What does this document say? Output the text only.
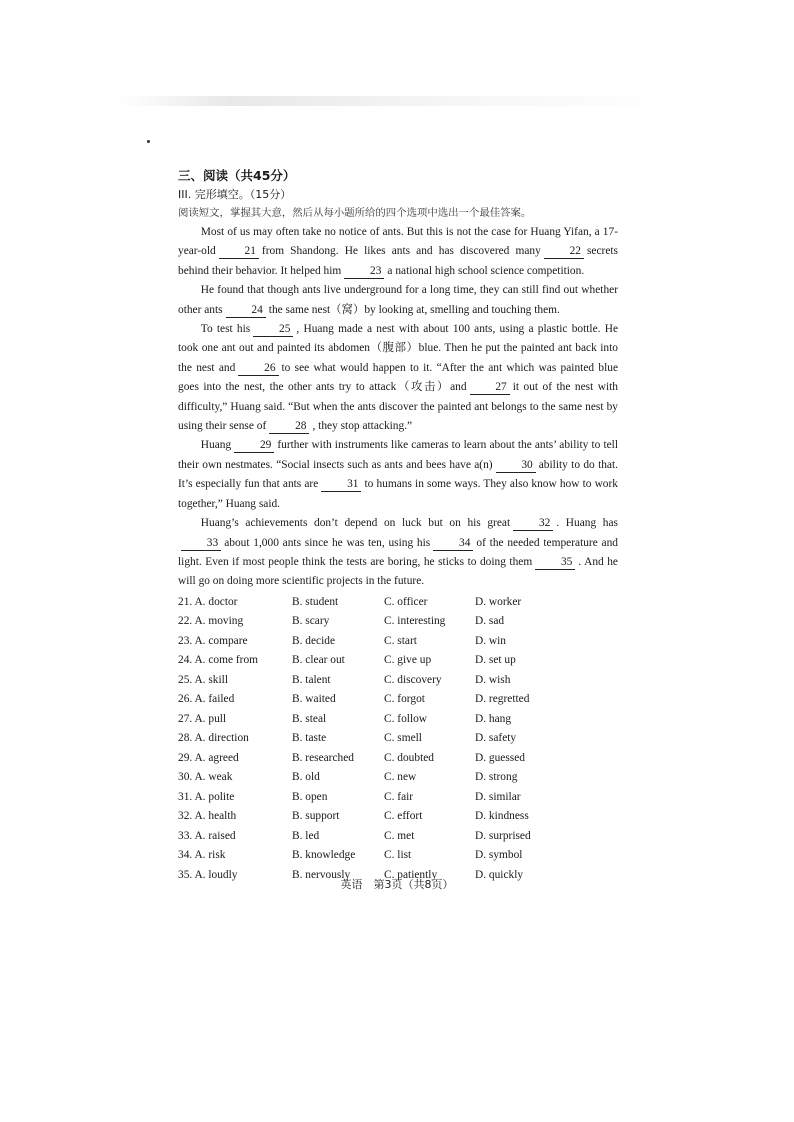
三、阅读（共45分）
III. 完形填空。（15分）
阅读短文，掌握其大意，然后从每小题所给的四个选项中选出一个最佳答案。
Most of us may often take no notice of ants. But this is not the case for Huang Yifan, a 17-year-old	21 from Shandong. He likes ants and has discovered many	22 secrets behind their behavior. It helped him	23 a national high school science competition.
He found that though ants live underground for a long time, they can still find out whether other ants	24 the same nest（窝）by looking at, smelling and touching them.
To test his	25 , Huang made a nest with about 100 ants, using a plastic bottle. He took one ant out and painted its abdomen（腹部）blue. Then he put the painted ant back into the nest and	26 to see what would happen to it. “After the ant which was painted blue goes into the nest, the other ants try to attack（攻击）and	27 it out of the nest with difficulty,” Huang said. “But when the ants discover the painted ant belongs to the same nest by using their sense of	28 , they stop attacking.”
Huang	29 further with instruments like cameras to learn about the ants’ ability to tell their own nestmates. “Social insects such as ants and bees have a(n)	30 ability to do that. It’s especially fun that ants are	31 to humans in some ways. They also know how to work together,” Huang said.
Huang’s achievements don’t depend on luck but on his great	32 . Huang has33 about 1,000 ants since he was ten, using his	34 of the needed temperature and light. Even if most people think the tests are boring, he sticks to doing them	35 . And he will go on doing more scientific projects in the future.
21. A. doctor	B. student	C. officer	D. worker
22. A. moving	B. scary	C. interesting	D. sad
23. A. compare	B. decide	C. start	D. win
24. A. come from	B. clear out	C. give up	D. set up
25. A. skill	B. talent	C. discovery	D. wish
26. A. failed	B. waited	C. forgot	D. regretted
27. A. pull	B. steal	C. follow	D. hang
28. A. direction	B. taste	C. smell	D. safety
29. A. agreed	B. researched	C. doubted	D. guessed
30. A. weak	B. old	C. new	D. strong
31. A. polite	B. open	C. fair	D. similar
32. A. health	B. support	C. effort	D. kindness
33. A. raised	B. led	C. met	D. surprised
34. A. risk	B. knowledge	C. list	D. symbol
35. A. loudly	B. nervously	C. patiently	D. quickly
英语　第3页（共8页）
